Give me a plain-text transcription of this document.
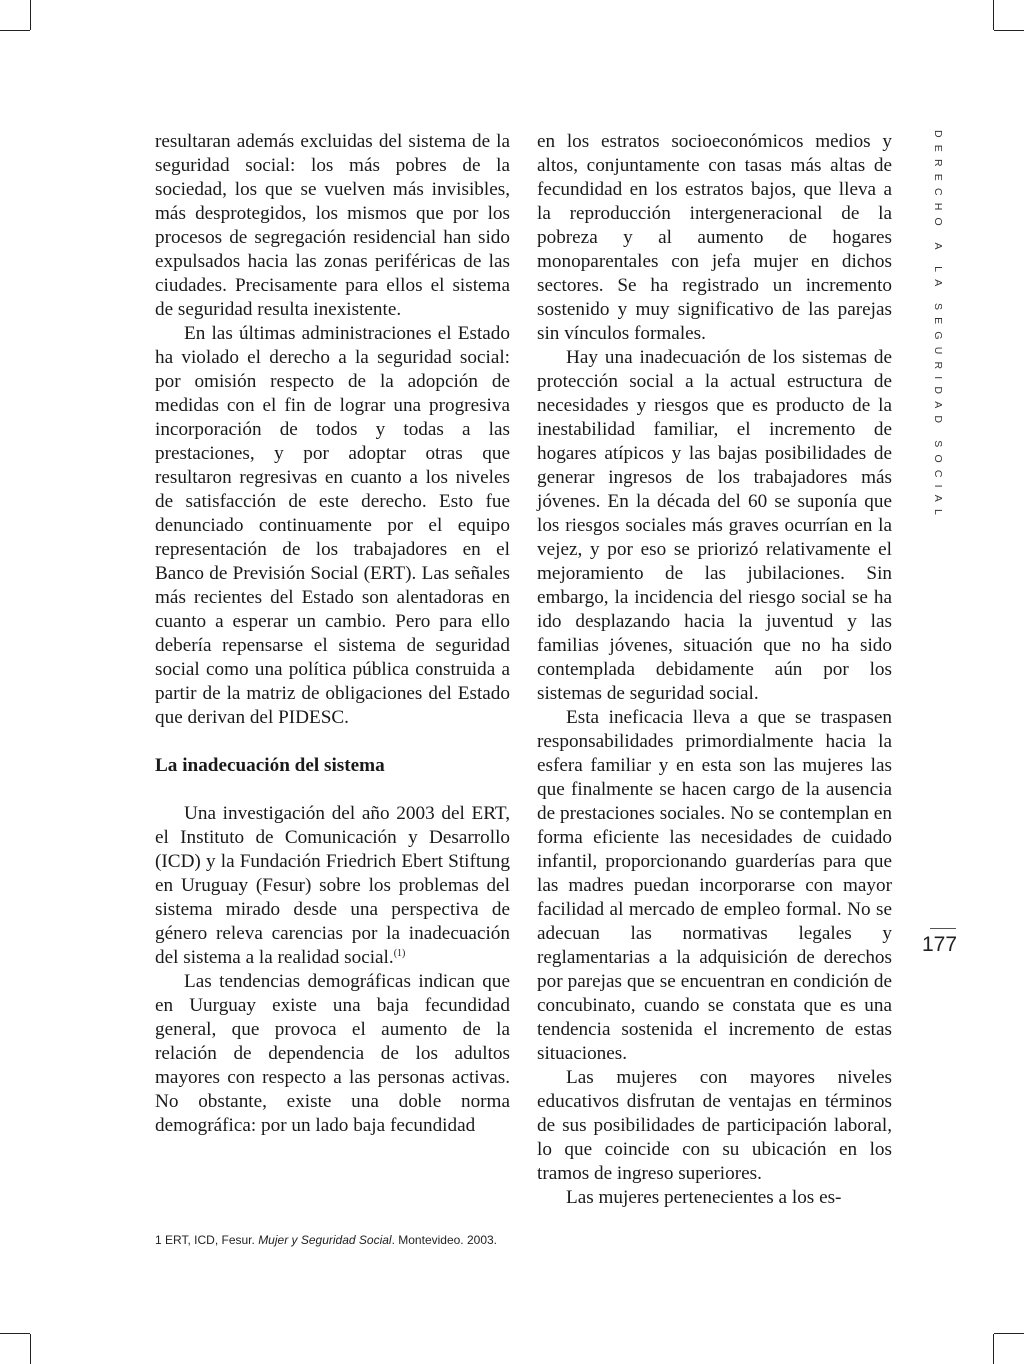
resultaran además excluidas del sistema de la seguridad social: los más pobres de la sociedad, los que se vuelven más invisibles, más desprotegidos, los mismos que por los procesos de segregación residencial han sido expulsados hacia las zonas periféricas de las ciudades. Precisamente para ellos el sistema de seguridad resulta inexistente.

En las últimas administraciones el Estado ha violado el derecho a la seguridad social: por omisión respecto de la adopción de medidas con el fin de lograr una progresiva incorporación de todos y todas a las prestaciones, y por adoptar otras que resultaron regresivas en cuanto a los niveles de satisfacción de este derecho. Esto fue denunciado continuamente por el equipo representación de los trabajadores en el Banco de Previsión Social (ERT). Las señales más recientes del Estado son alentadoras en cuanto a esperar un cambio. Pero para ello debería repensarse el sistema de seguridad social como una política pública construida a partir de la matriz de obligaciones del Estado que derivan del PIDESC.

La inadecuación del sistema

Una investigación del año 2003 del ERT, el Instituto de Comunicación y Desarrollo (ICD) y la Fundación Friedrich Ebert Stiftung en Uruguay (Fesur) sobre los problemas del sistema mirado desde una perspectiva de género releva carencias por la inadecuación del sistema a la realidad social.$^{(1)}$

Las tendencias demográficas indican que en Uurguay existe una baja fecundidad general, que provoca el aumento de la relación de dependencia de los adultos mayores con respecto a las personas activas. No obstante, existe una doble norma demográfica: por un lado baja fecundidad

en los estratos socioeconómicos medios y altos, conjuntamente con tasas más altas de fecundidad en los estratos bajos, que lleva a la reproducción intergeneracional de la pobreza y al aumento de hogares monoparentales con jefa mujer en dichos sectores. Se ha registrado un incremento sostenido y muy significativo de las parejas sin vínculos formales.

Hay una inadecuación de los sistemas de protección social a la actual estructura de necesidades y riesgos que es producto de la inestabilidad familiar, el incremento de hogares atípicos y las bajas posibilidades de generar ingresos de los trabajadores más jóvenes. En la década del 60 se suponía que los riesgos sociales más graves ocurrían en la vejez, y por eso se priorizó relativamente el mejoramiento de las jubilaciones. Sin embargo, la incidencia del riesgo social se ha ido desplazando hacia la juventud y las familias jóvenes, situación que no ha sido contemplada debidamente aún por los sistemas de seguridad social.

Esta ineficacia lleva a que se traspasen responsabilidades primordialmente hacia la esfera familiar y en esta son las mujeres las que finalmente se hacen cargo de la ausencia de prestaciones sociales. No se contemplan en forma eficiente las necesidades de cuidado infantil, proporcionando guarderías para que las madres puedan incorporarse con mayor facilidad al mercado de empleo formal. No se adecuan las normativas legales y reglamentarias a la adquisición de derechos por parejas que se encuentran en condición de concubinato, cuando se constata que es una tendencia sostenida el incremento de estas situaciones.

Las mujeres con mayores niveles educativos disfrutan de ventajas en términos de sus posibilidades de participación laboral, lo que coincide con su ubicación en los tramos de ingreso superiores.

Las mujeres pertenecientes a los es-

DERECHO A LA SEGURIDAD SOCIAL
177
1 ERT, ICD, Fesur. Mujer y Seguridad Social. Montevideo. 2003.
